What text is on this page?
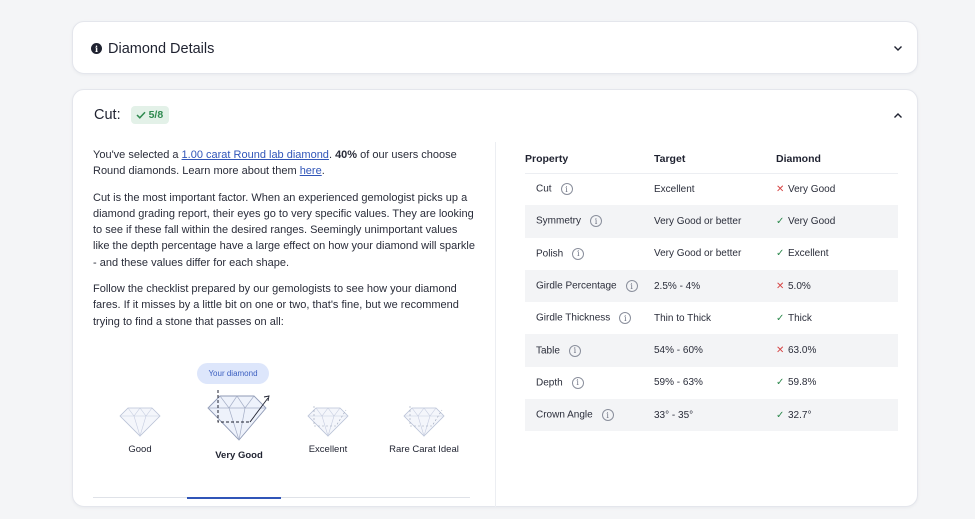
i Diamond Details
Cut:	5/8

You've selected a 1.00 carat Round lab diamond. 40% of our users choose Round diamonds. Learn more about them here.

Cut is the most important factor. When an experienced gemologist picks up a diamond grading report, their eyes go to very specific values. They are looking to see if these fall within the desired ranges. Seemingly unimportant values like the depth percentage have a large effect on how your diamond will sparkle - and these values differ for each shape.

Follow the checklist prepared by our gemologists to see how your diamond fares. If it misses by a little bit on one or two, that's fine, but we recommend trying to find a stone that passes on all:

Your diamond
Good
Very Good
Excellent	Rare Carat Ideal
Property	Target	Diamond
Cut i	Excellent	✕ Very Good
Symmetry i	Very Good or better	✓ Very Good
Polish i	Very Good or better	✓ Excellent
Girdle Percentage i	2.5% - 4%	✕ 5.0%
Girdle Thickness i	Thin to Thick	✓ Thick
Table i	54% - 60%	✕ 63.0%
Depth i	59% - 63%	✓ 59.8%
Crown Angle i	33° - 35°	✓ 32.7°
